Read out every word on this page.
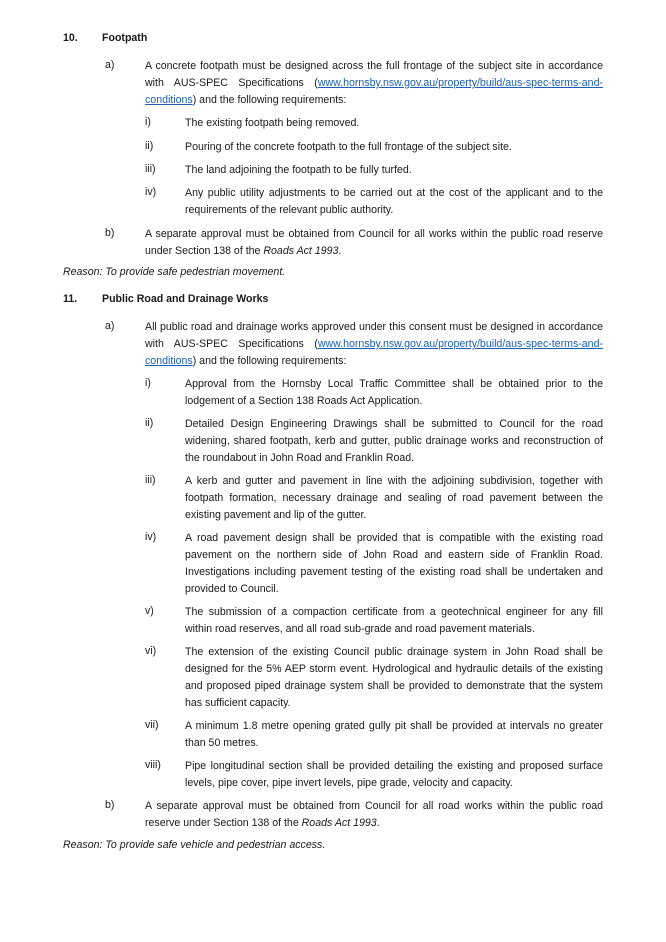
10. Footpath
a)	A concrete footpath must be designed across the full frontage of the subject site in accordance with AUS-SPEC Specifications (www.hornsby.nsw.gov.au/property/build/aus-spec-terms-and-conditions) and the following requirements:
i)	The existing footpath being removed.
ii)	Pouring of the concrete footpath to the full frontage of the subject site.
iii)	The land adjoining the footpath to be fully turfed.
iv)	Any public utility adjustments to be carried out at the cost of the applicant and to the requirements of the relevant public authority.
b)	A separate approval must be obtained from Council for all works within the public road reserve under Section 138 of the Roads Act 1993.
Reason: To provide safe pedestrian movement.
11. Public Road and Drainage Works
a)	All public road and drainage works approved under this consent must be designed in accordance with AUS-SPEC Specifications (www.hornsby.nsw.gov.au/property/build/aus-spec-terms-and-conditions) and the following requirements:
i)	Approval from the Hornsby Local Traffic Committee shall be obtained prior to the lodgement of a Section 138 Roads Act Application.
ii)	Detailed Design Engineering Drawings shall be submitted to Council for the road widening, shared footpath, kerb and gutter, public drainage works and reconstruction of the roundabout in John Road and Franklin Road.
iii)	A kerb and gutter and pavement in line with the adjoining subdivision, together with footpath formation, necessary drainage and sealing of road pavement between the existing pavement and lip of the gutter.
iv)	A road pavement design shall be provided that is compatible with the existing road pavement on the northern side of John Road and eastern side of Franklin Road. Investigations including pavement testing of the existing road shall be undertaken and provided to Council.
v)	The submission of a compaction certificate from a geotechnical engineer for any fill within road reserves, and all road sub-grade and road pavement materials.
vi)	The extension of the existing Council public drainage system in John Road shall be designed for the 5% AEP storm event. Hydrological and hydraulic details of the existing and proposed piped drainage system shall be provided to demonstrate that the system has sufficient capacity.
vii) A minimum 1.8 metre opening grated gully pit shall be provided at intervals no greater than 50 metres.
viii) Pipe longitudinal section shall be provided detailing the existing and proposed surface levels, pipe cover, pipe invert levels, pipe grade, velocity and capacity.
b)	A separate approval must be obtained from Council for all road works within the public road reserve under Section 138 of the Roads Act 1993.
Reason: To provide safe vehicle and pedestrian access.
